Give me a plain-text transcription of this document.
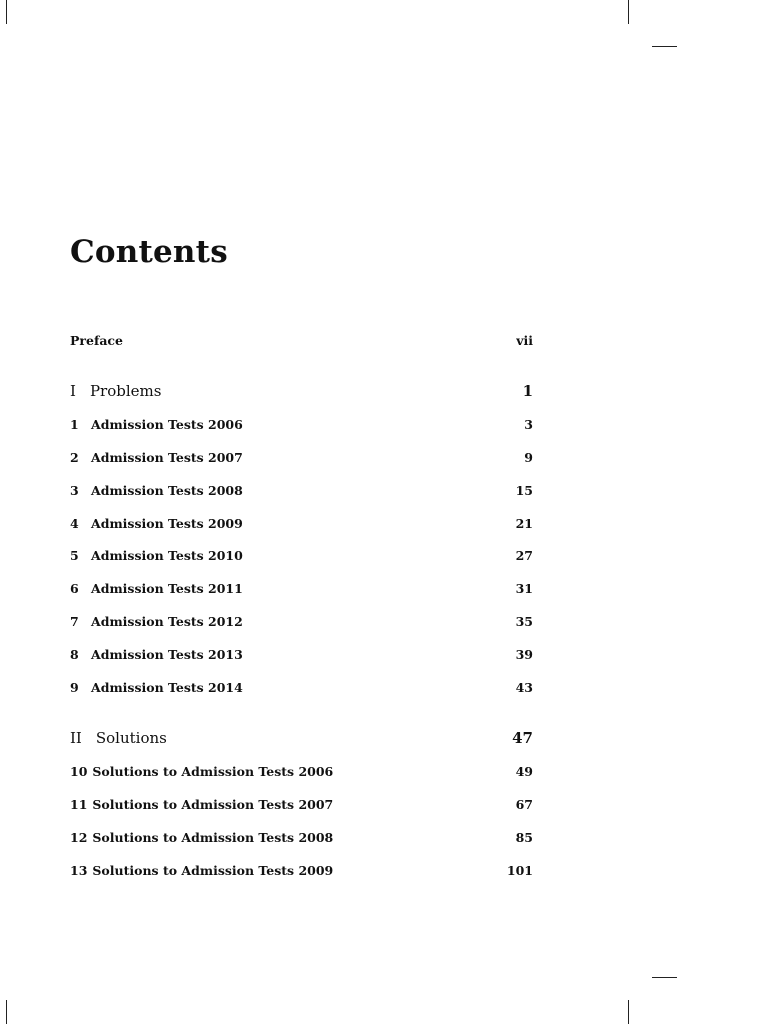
Contents
Preface	vii
I Problems	1
1 Admission Tests 2006	3
2 Admission Tests 2007	9
3 Admission Tests 2008	15
4 Admission Tests 2009	21
5 Admission Tests 2010	27
6 Admission Tests 2011	31
7 Admission Tests 2012	35
8 Admission Tests 2013	39
9 Admission Tests 2014	43
II Solutions	47
10 Solutions to Admission Tests 2006	49
11 Solutions to Admission Tests 2007	67
12 Solutions to Admission Tests 2008	85
13 Solutions to Admission Tests 2009	101
